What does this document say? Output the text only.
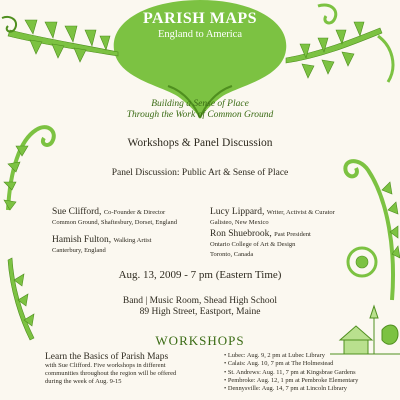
PARISH MAPS
England to America
Building a Sense of Place
Through the Work of Common Ground
Workshops & Panel Discussion
Panel Discussion: Public Art & Sense of Place
Sue Clifford, Co-Founder & Director
Common Ground, Shaftesbury, Dorset, England
Lucy Lippard, Writer, Activist & Curator
Galisteo, New Mexico
Hamish Fulton, Walking Artist
Canterbury, England
Ron Shuebrook, Past President
Ontario College of Art & Design
Toronto, Canada
Aug. 13, 2009 - 7 pm (Eastern Time)
Band | Music Room, Shead High School
89 High Street, Eastport, Maine
WORKSHOPS
Learn the Basics of Parish Maps
with Sue Clifford. Five workshops in different
communities throughout the region will be offered
during the week of Aug. 9-15
• Lubec: Aug. 9, 2 pm at Lubec Library
• Calais: Aug. 10, 7 pm at The Holmestead
• St. Andrews: Aug. 11, 7 pm at Kingsbrae Gardens
• Pembroke: Aug. 12, 1 pm at Pembroke Elementary
• Dennysville: Aug. 14, 7 pm at Lincoln Library
